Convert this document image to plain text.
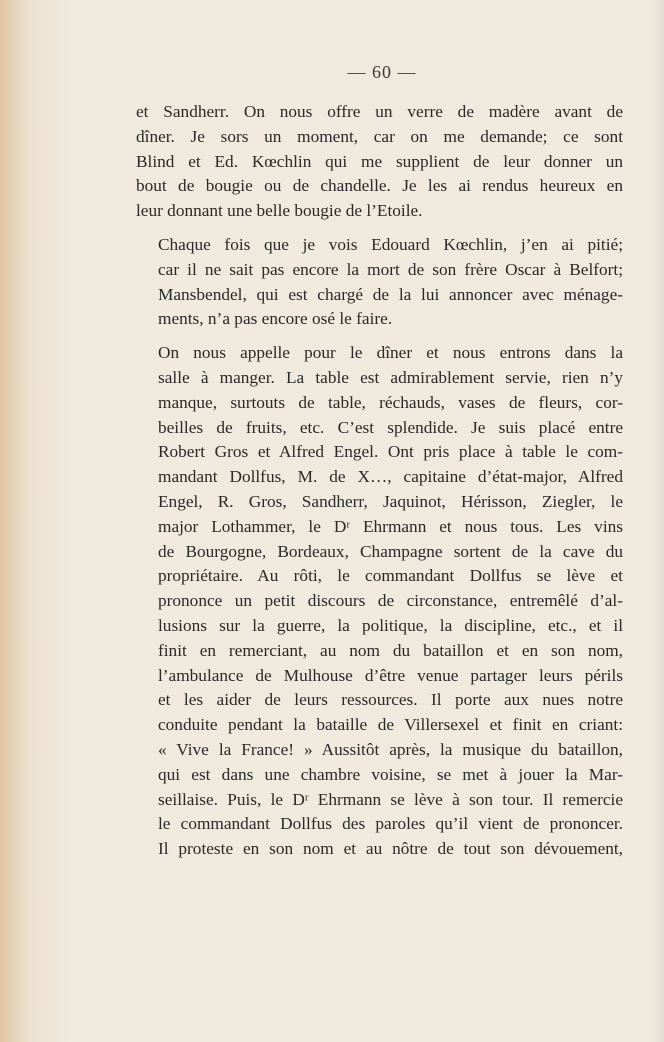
— 60 —
et Sandherr. On nous offre un verre de madère avant de
dîner. Je sors un moment, car on me demande; ce sont
Blind et Ed. Kœchlin qui me supplient de leur donner un
bout de bougie ou de chandelle. Je les ai rendus heureux en
leur donnant une belle bougie de l’Etoile.
Chaque fois que je vois Edouard Kœchlin, j’en ai pitié;
car il ne sait pas encore la mort de son frère Oscar à Belfort;
Mansbendel, qui est chargé de la lui annoncer avec ménage-
ments, n’a pas encore osé le faire.
On nous appelle pour le dîner et nous entrons dans la
salle à manger. La table est admirablement servie, rien n’y
manque, surtouts de table, réchauds, vases de fleurs, cor-
beilles de fruits, etc. C’est splendide. Je suis placé entre
Robert Gros et Alfred Engel. Ont pris place à table le com-
mandant Dollfus, M. de X…, capitaine d’état-major, Alfred
Engel, R. Gros, Sandherr, Jaquinot, Hérisson, Ziegler, le
major Lothammer, le Dʳ Ehrmann et nous tous. Les vins
de Bourgogne, Bordeaux, Champagne sortent de la cave du
propriétaire. Au rôti, le commandant Dollfus se lève et
prononce un petit discours de circonstance, entremêlé d’al-
lusions sur la guerre, la politique, la discipline, etc., et il
finit en remerciant, au nom du bataillon et en son nom,
l’ambulance de Mulhouse d’être venue partager leurs périls
et les aider de leurs ressources. Il porte aux nues notre
conduite pendant la bataille de Villersexel et finit en criant:
« Vive la France! » Aussitôt après, la musique du bataillon,
qui est dans une chambre voisine, se met à jouer la Mar-
seillaise. Puis, le Dʳ Ehrmann se lève à son tour. Il remercie
le commandant Dollfus des paroles qu’il vient de prononcer.
Il proteste en son nom et au nôtre de tout son dévouement,
